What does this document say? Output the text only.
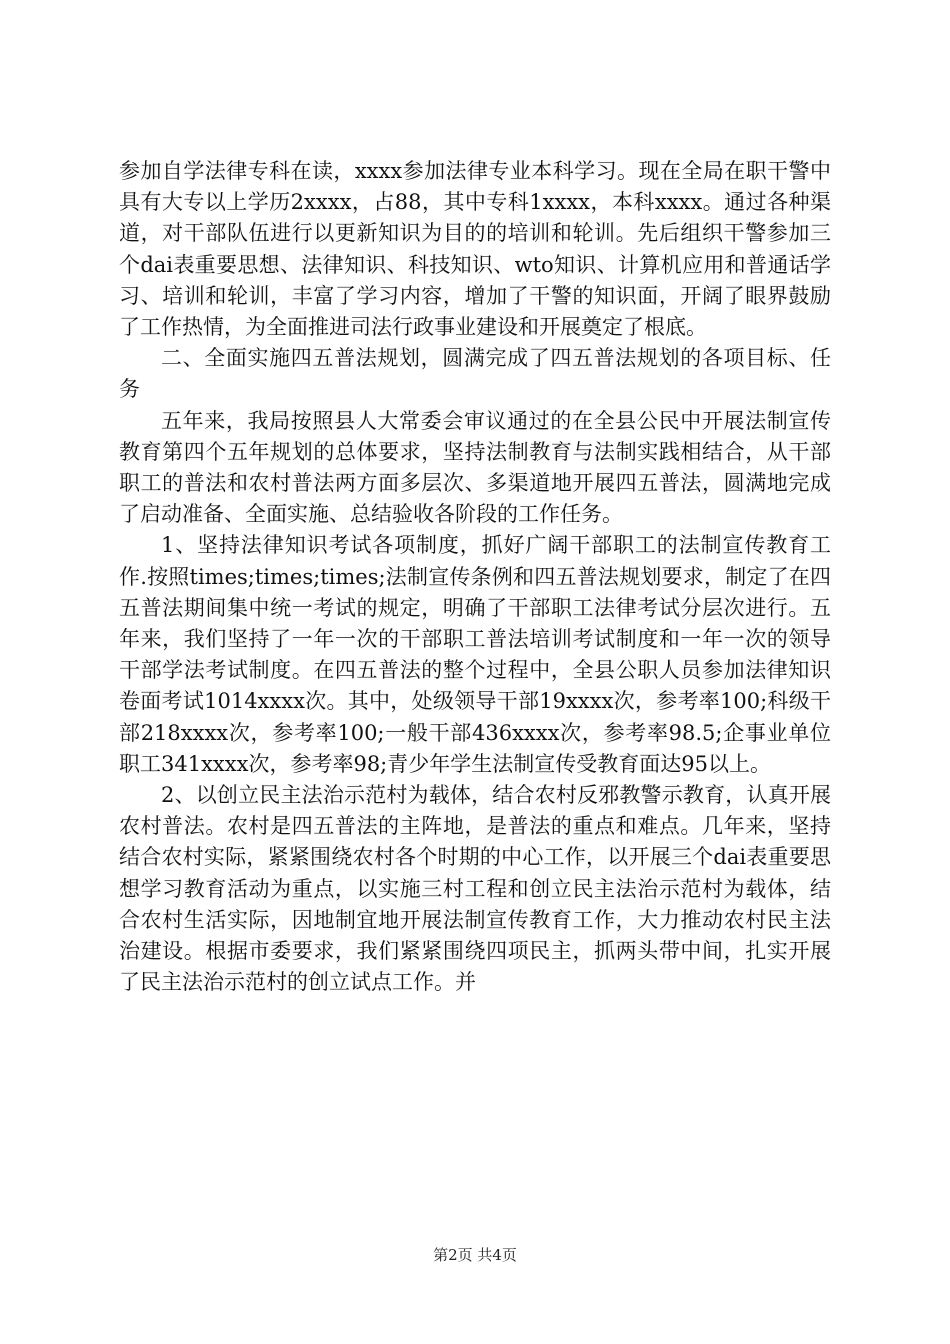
参加自学法律专科在读，xxxx参加法律专业本科学习。现在全局在职干警中具有大专以上学历2xxxx，占88，其中专科1xxxx，本科xxxx。通过各种渠道，对干部队伍进行以更新知识为目的的培训和轮训。先后组织干警参加三个dai表重要思想、法律知识、科技知识、wto知识、计算机应用和普通话学习、培训和轮训，丰富了学习内容，增加了干警的知识面，开阔了眼界鼓励了工作热情，为全面推进司法行政事业建设和开展奠定了根底。

二、全面实施四五普法规划，圆满完成了四五普法规划的各项目标、任务

五年来，我局按照县人大常委会审议通过的在全县公民中开展法制宣传教育第四个五年规划的总体要求，坚持法制教育与法制实践相结合，从干部职工的普法和农村普法两方面多层次、多渠道地开展四五普法，圆满地完成了启动准备、全面实施、总结验收各阶段的工作任务。

1、坚持法律知识考试各项制度，抓好广阔干部职工的法制宣传教育工作.按照times;times;times;法制宣传条例和四五普法规划要求，制定了在四五普法期间集中统一考试的规定，明确了干部职工法律考试分层次进行。五年来，我们坚持了一年一次的干部职工普法培训考试制度和一年一次的领导干部学法考试制度。在四五普法的整个过程中，全县公职人员参加法律知识卷面考试1014xxxx次。其中，处级领导干部19xxxx次，参考率100;科级干部218xxxx次，参考率100;一般干部436xxxx次，参考率98.5;企事业单位职工341xxxx次，参考率98;青少年学生法制宣传受教育面达95以上。

2、以创立民主法治示范村为载体，结合农村反邪教警示教育，认真开展农村普法。农村是四五普法的主阵地，是普法的重点和难点。几年来，坚持结合农村实际，紧紧围绕农村各个时期的中心工作，以开展三个dai表重要思想学习教育活动为重点，以实施三村工程和创立民主法治示范村为载体，结合农村生活实际，因地制宜地开展法制宣传教育工作，大力推动农村民主法治建设。根据市委要求，我们紧紧围绕四项民主，抓两头带中间，扎实开展了民主法治示范村的创立试点工作。并

第2页 共4页
